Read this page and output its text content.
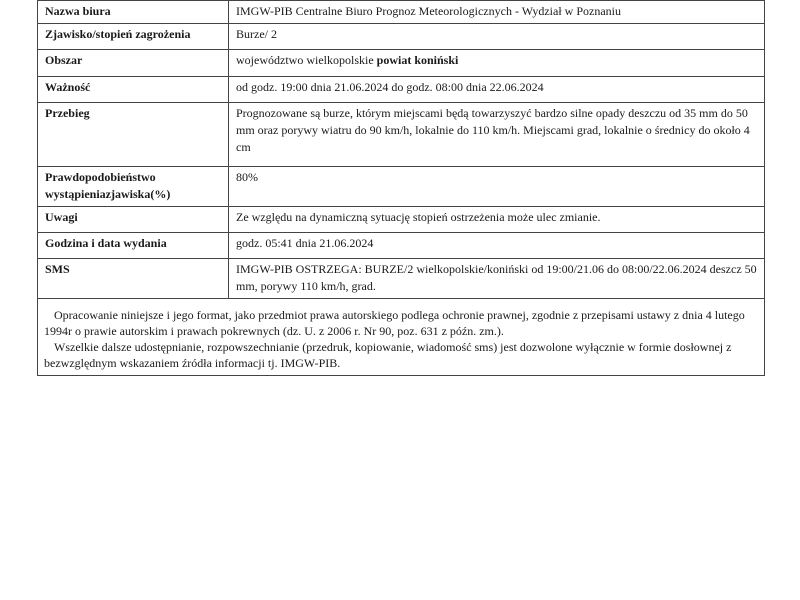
Nazwa biura	IMGW-PIB Centralne Biuro Prognoz Meteorologicznych - Wydział w Poznaniu
Zjawisko/stopień zagrożenia	Burze/ 2
Obszar	województwo wielkopolskie powiat koniński
Ważność	od godz. 19:00 dnia 21.06.2024 do godz. 08:00 dnia 22.06.2024
Przebieg	Prognozowane są burze, którym miejscami będą towarzyszyć bardzo silne opady deszczu od 35 mm do 50 mm oraz porywy wiatru do 90 km/h, lokalnie do 110 km/h. Miejscami grad, lokalnie o średnicy do około 4 cm
Prawdopodobieństwo wystąpieniazjawiska(%)	80%
Uwagi	Ze względu na dynamiczną sytuację stopień ostrzeżenia może ulec zmianie.
Godzina i data wydania	godz. 05:41 dnia 21.06.2024
SMS	IMGW-PIB OSTRZEGA: BURZE/2 wielkopolskie/koniński od 19:00/21.06 do 08:00/22.06.2024 deszcz 50 mm, porywy 110 km/h, grad.

Opracowanie niniejsze i jego format, jako przedmiot prawa autorskiego podlega ochronie prawnej, zgodnie z przepisami ustawy z dnia 4 lutego 1994r o prawie autorskim i prawach pokrewnych (dz. U. z 2006 r. Nr 90, poz. 631 z późn. zm.).

Wszelkie dalsze udostępnianie, rozpowszechnianie (przedruk, kopiowanie, wiadomość sms) jest dozwolone wyłącznie w formie dosłownej z bezwzględnym wskazaniem źródła informacji tj. IMGW-PIB.
